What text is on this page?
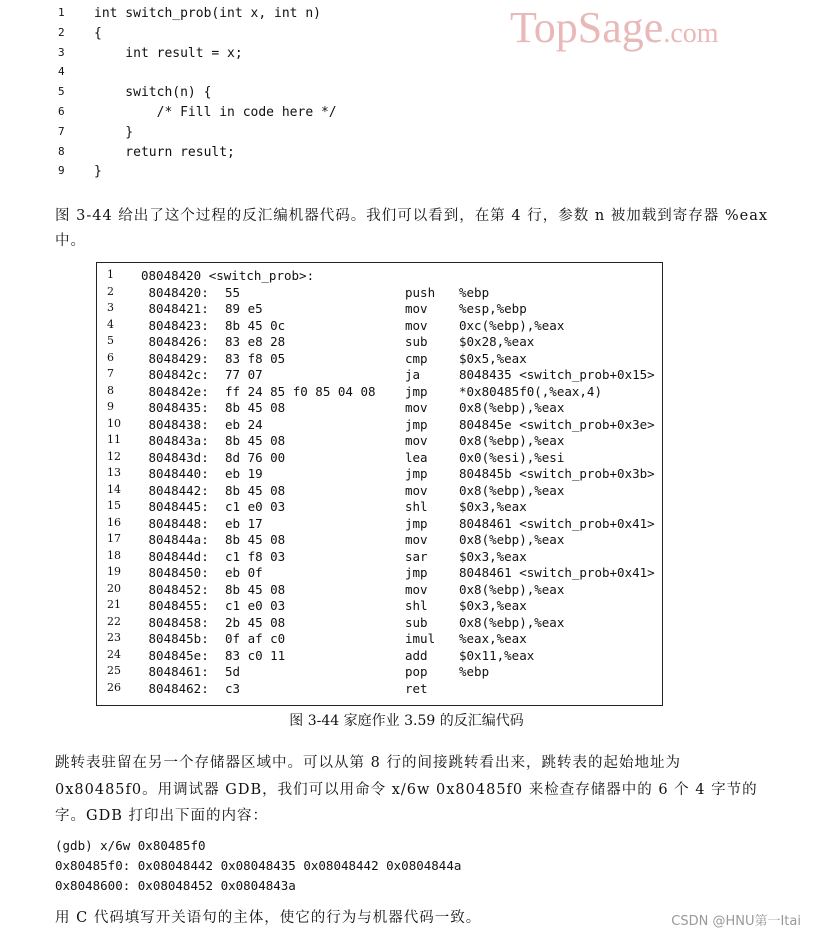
TopSage.com
1	int switch_prob(int x, int n)
2	{
3	int result = x;
4
5	switch(n) {
6	/* Fill in code here */
7	}
8	return result;
9	}
图 3-44 给出了这个过程的反汇编机器代码。我们可以看到，在第 4 行，参数 n 被加载到寄存器 %eax 中。
1 08048420 <switch_prob>:
2 8048420: 55	push %ebp
3 8048421: 89 e5	mov	%esp,%ebp
4 8048423: 8b 45 0c	mov	0xc(%ebp),%eax
5 8048426: 83 e8 28	sub	$0x28,%eax
6 8048429: 83 f8 05	cmp	$0x5,%eax
7 804842c: 77 07	ja	8048435 <switch_prob+0x15>
8 804842e: ff 24 85 f0 85 04 08 jmp	*0x80485f0(,%eax,4)
9 8048435: 8b 45 08	mov	0x8(%ebp),%eax
10 8048438: eb 24	jmp	804845e <switch_prob+0x3e>
11 804843a: 8b 45 08	mov	0x8(%ebp),%eax
12 804843d: 8d 76 00	lea	0x0(%esi),%esi
13 8048440: eb 19	jmp	804845b <switch_prob+0x3b>
14 8048442: 8b 45 08	mov	0x8(%ebp),%eax
15 8048445: c1 e0 03	shl	$0x3,%eax
16 8048448: eb 17	jmp	8048461 <switch_prob+0x41>
17 804844a: 8b 45 08	mov	0x8(%ebp),%eax
18 804844d: c1 f8 03	sar	$0x3,%eax
19 8048450: eb 0f	jmp	8048461 <switch_prob+0x41>
20 8048452: 8b 45 08	mov	0x8(%ebp),%eax
21 8048455: c1 e0 03	shl	$0x3,%eax
22 8048458: 2b 45 08	sub	0x8(%ebp),%eax
23 804845b: 0f af c0	imul %eax,%eax
24 804845e: 83 c0 11	add	$0x11,%eax
25 8048461: 5d	pop	%ebp
26 8048462: c3	ret
图 3-44 家庭作业 3.59 的反汇编代码
跳转表驻留在另一个存储器区域中。可以从第 8 行的间接跳转看出来，跳转表的起始地址为 0x80485f0。用调试器 GDB，我们可以用命令 x/6w 0x80485f0 来检查存储器中的 6 个 4 字节的字。GDB 打印出下面的内容：
(gdb) x/6w 0x80485f0
0x80485f0: 0x08048442 0x08048435 0x08048442 0x0804844a
0x8048600: 0x08048452 0x0804843a
用 C 代码填写开关语句的主体，使它的行为与机器代码一致。	CSDN @HNU第一Itai
